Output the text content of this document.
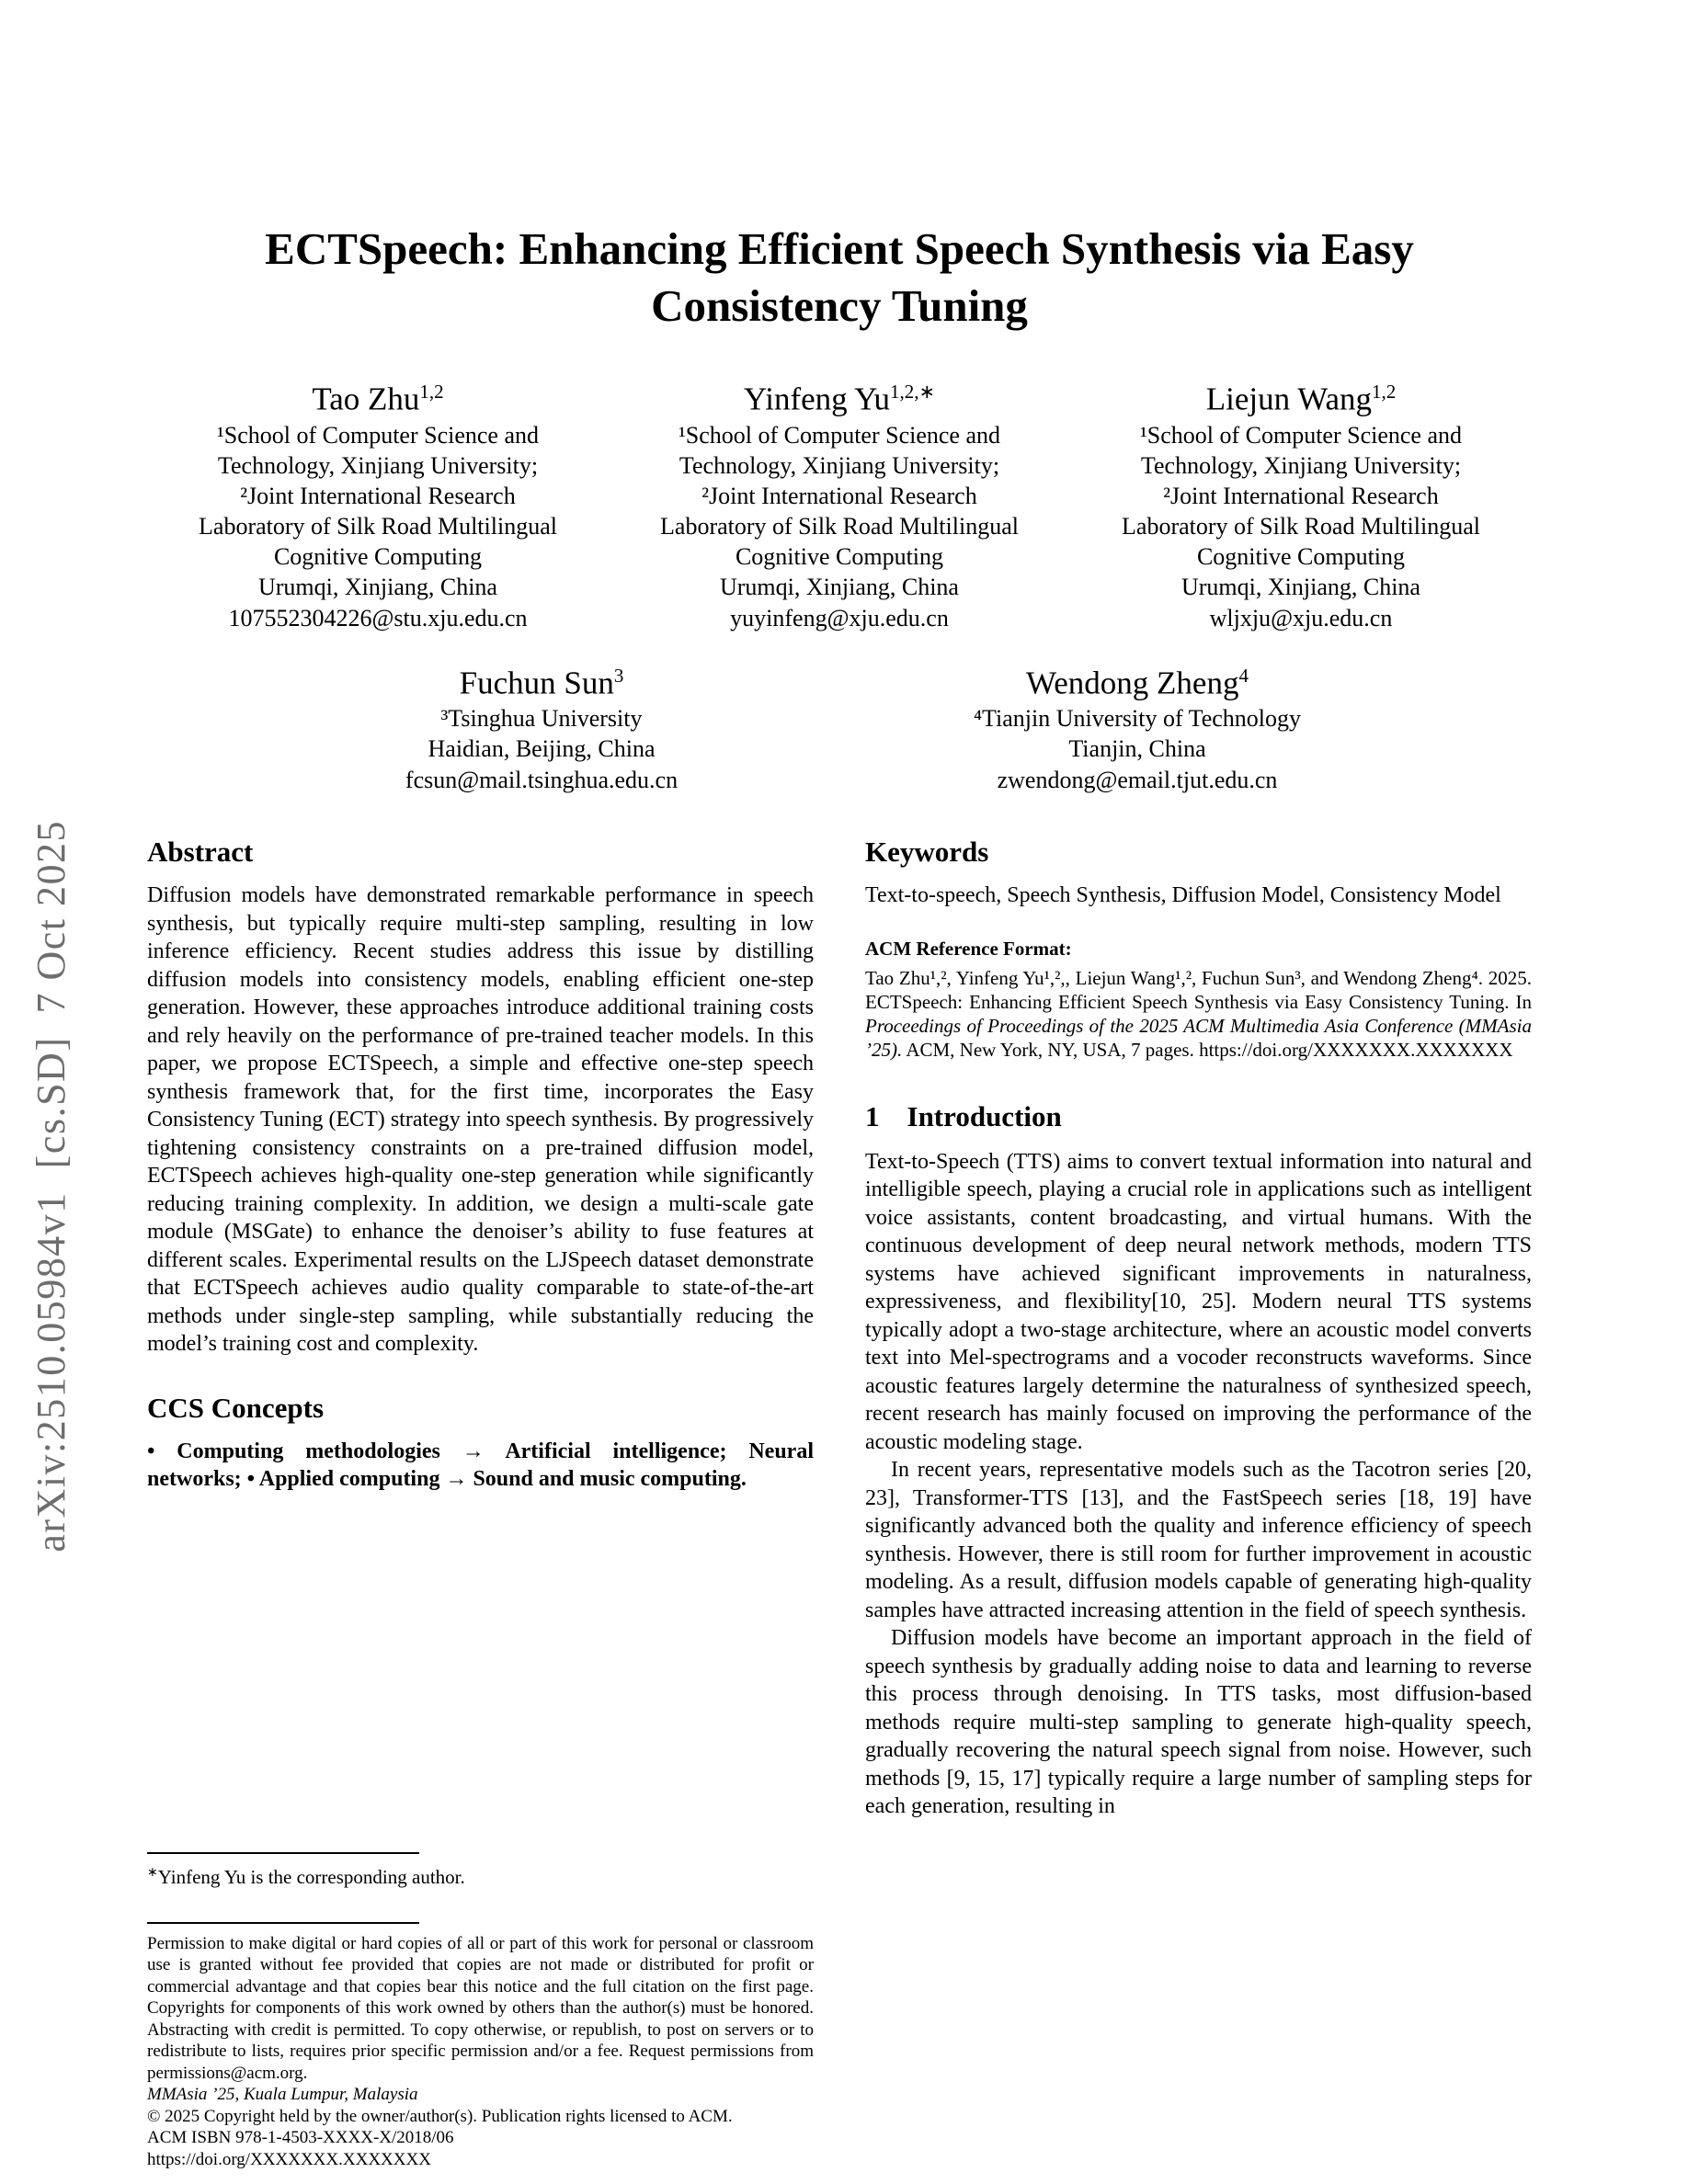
arXiv:2510.05984v1  [cs.SD]  7 Oct 2025
ECTSpeech: Enhancing Efficient Speech Synthesis via Easy
Consistency Tuning
Tao Zhu$^{1,2}$
¹School of Computer Science and
Technology, Xinjiang University;
²Joint International Research
Laboratory of Silk Road Multilingual
Cognitive Computing
Urumqi, Xinjiang, China
107552304226@stu.xju.edu.cn
Yinfeng $Yu^{1,2,∗}$
¹School of Computer Science and
Technology, Xinjiang University;
²Joint International Research
Laboratory of Silk Road Multilingual
Cognitive Computing
Urumqi, Xinjiang, China
yuyinfeng@xju.edu.cn
Liejun Wang$^{1,2}$
¹School of Computer Science and
Technology, Xinjiang University;
²Joint International Research
Laboratory of Silk Road Multilingual
Cognitive Computing
Urumqi, Xinjiang, China
wljxju@xju.edu.cn
Fuchun Sun$^3$
³Tsinghua University
Haidian, Beijing, China
fcsun@mail.tsinghua.edu.cn
Wendong Zheng$^4$
⁴Tianjin University of Technology
Tianjin, China
zwendong@email.tjut.edu.cn
Abstract

Diffusion models have demonstrated remarkable performance in speech synthesis, but typically require multi-step sampling, resulting in low inference efficiency. Recent studies address this issue by distilling diffusion models into consistency models, enabling efficient one-step generation. However, these approaches introduce additional training costs and rely heavily on the performance of pre-trained teacher models. In this paper, we propose ECTSpeech, a simple and effective one-step speech synthesis framework that, for the first time, incorporates the Easy Consistency Tuning (ECT) strategy into speech synthesis. By progressively tightening consistency constraints on a pre-trained diffusion model, ECTSpeech achieves high-quality one-step generation while significantly reducing training complexity. In addition, we design a multi-scale gate module (MSGate) to enhance the denoiser’s ability to fuse features at different scales. Experimental results on the LJSpeech dataset demonstrate that ECTSpeech achieves audio quality comparable to state-of-the-art methods under single-step sampling, while substantially reducing the model’s training cost and complexity.

CCS Concepts

• Computing methodologies → Artificial intelligence; Neural networks; • Applied computing → Sound and music computing.

∗Yinfeng Yu is the corresponding author.

Permission to make digital or hard copies of all or part of this work for personal or classroom use is granted without fee provided that copies are not made or distributed for profit or commercial advantage and that copies bear this notice and the full citation on the first page. Copyrights for components of this work owned by others than the author(s) must be honored. Abstracting with credit is permitted. To copy otherwise, or republish, to post on servers or to redistribute to lists, requires prior specific permission and/or a fee. Request permissions from permissions@acm.org.

MMAsia ’25, Kuala Lumpur, Malaysia

© 2025 Copyright held by the owner/author(s). Publication rights licensed to ACM.

ACM ISBN 978-1-4503-XXXX-X/2018/06

https://doi.org/XXXXXXX.XXXXXXX

Keywords

Text-to-speech, Speech Synthesis, Diffusion Model, Consistency Model

ACM Reference Format:

Tao Zhu¹,², Yinfeng Yu¹,²,, Liejun Wang¹,², Fuchun Sun³, and Wendong Zheng⁴. 2025. ECTSpeech: Enhancing Efficient Speech Synthesis via Easy Consistency Tuning. In Proceedings of Proceedings of the 2025 ACM Multimedia Asia Conference (MMAsia ’25). ACM, New York, NY, USA, 7 pages. https://doi.org/XXXXXXX.XXXXXXX

1 Introduction

Text-to-Speech (TTS) aims to convert textual information into natural and intelligible speech, playing a crucial role in applications such as intelligent voice assistants, content broadcasting, and virtual humans. With the continuous development of deep neural network methods, modern TTS systems have achieved significant improvements in naturalness, expressiveness, and flexibility[10, 25]. Modern neural TTS systems typically adopt a two-stage architecture, where an acoustic model converts text into Mel-spectrograms and a vocoder reconstructs waveforms. Since acoustic features largely determine the naturalness of synthesized speech, recent research has mainly focused on improving the performance of the acoustic modeling stage.

In recent years, representative models such as the Tacotron series [20, 23], Transformer-TTS [13], and the FastSpeech series [18, 19] have significantly advanced both the quality and inference efficiency of speech synthesis. However, there is still room for further improvement in acoustic modeling. As a result, diffusion models capable of generating high-quality samples have attracted increasing attention in the field of speech synthesis.

Diffusion models have become an important approach in the field of speech synthesis by gradually adding noise to data and learning to reverse this process through denoising. In TTS tasks, most diffusion-based methods require multi-step sampling to generate high-quality speech, gradually recovering the natural speech signal from noise. However, such methods [9, 15, 17] typically require a large number of sampling steps for each generation, resulting in
